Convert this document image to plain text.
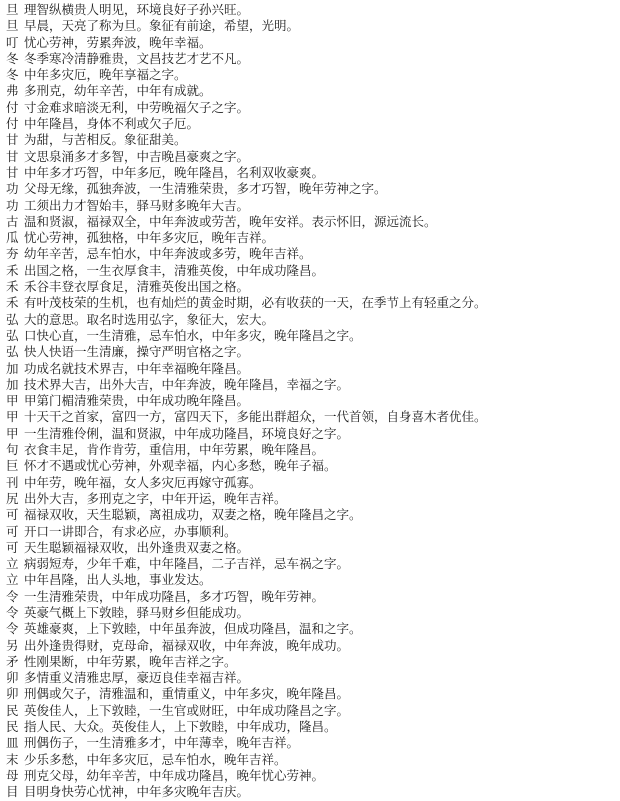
旦 理智纵横贵人明见，环境良好子孙兴旺。
旦 早晨，天亮了称为旦。象征有前途，希望，光明。
叮 忧心劳神，劳累奔波，晚年幸福。
冬 冬季寒冷清静雅贵，文昌技艺才艺不凡。
冬 中年多灾厄，晚年享福之字。
弗 多刑克，幼年辛苦，中年有成就。
付 寸金难求暗淡无利，中劳晚福欠子之字。
付 中年隆昌，身体不利或欠子厄。
甘 为甜，与苦相反。象征甜美。
甘 文思泉涌多才多智，中吉晚昌豪爽之字。
甘 中年多才巧智，中年多厄，晚年隆昌，名利双收豪爽。
功 父母无缘，孤独奔波，一生清雅荣贵，多才巧智，晚年劳神之字。
功 工须出力才智始丰，驿马财多晚年大吉。
古 温和贤淑，福禄双全，中年奔波或劳苦，晚年安祥。表示怀旧，源远流长。
瓜 忧心劳神，孤独格，中年多灾厄，晚年吉祥。
夯 幼年辛苦，忌车怕水，中年奔波或多劳，晚年吉祥。
禾 出国之格，一生衣厚食丰，清雅英俊，中年成功隆昌。
禾 禾谷丰登衣厚食足，清雅英俊出国之格。
禾 有叶茂枝荣的生机，也有灿烂的黄金时期，必有收获的一天，在季节上有轻重之分。
弘 大的意思。取名时选用弘字，象征大，宏大。
弘 口快心直，一生清雅，忌车怕水，中年多灾，晚年隆昌之字。
弘 快人快语一生清廉，操守严明官格之字。
加 功成名就技术界吉，中年幸福晚年隆昌。
加 技术界大吉，出外大吉，中年奔波，晚年隆昌，幸福之字。
甲 甲第门楣清雅荣贵，中年成功晚年隆昌。
甲 十天干之首家，富四一方，富四天下，多能出群超众，一代首领，自身喜木者优佳。
甲 一生清雅伶俐，温和贤淑，中年成功隆昌，环境良好之字。
句 衣食丰足，肯作肯劳，重信用，中年劳累，晚年隆昌。
巨 怀才不遇或忧心劳神，外观幸福，内心多愁，晚年子福。
刊 中年劳，晚年福，女人多灾厄再嫁守孤寡。
尻 出外大吉，多刑克之字，中年开运，晚年吉祥。
可 福禄双收，天生聪颖，离祖成功，双妻之格，晚年隆昌之字。
可 开口一讲即合，有求必应，办事顺利。
可 天生聪颖福禄双收，出外逢贵双妻之格。
立 病弱短寿，少年千难，中年隆昌，二子吉祥，忌车祸之字。
立 中年昌隆，出人头地，事业发达。
令 一生清雅荣贵，中年成功隆昌，多才巧智，晚年劳神。
令 英豪气概上下敦睦，驿马财乡但能成功。
令 英雄豪爽，上下敦睦，中年虽奔波，但成功隆昌，温和之字。
另 出外逢贵得财，克母命，福禄双收，中年奔波，晚年成功。
矛 性刚果断，中年劳累，晚年吉祥之字。
卯 多情重义清雅忠厚，豪迈良佳幸福吉祥。
卯 刑偶或欠子，清雅温和，重情重义，中年多灾，晚年隆昌。
民 英俊佳人，上下敦睦，一生官或财旺，中年成功隆昌之字。
民 指人民、大众。英俊佳人，上下敦睦，中年成功，隆昌。
皿 刑偶伤子，一生清雅多才，中年薄幸，晚年吉祥。
末 少乐多愁，中年多灾厄，忌车怕水，晚年吉祥。
母 刑克父母，幼年辛苦，中年成功隆昌，晚年忧心劳神。
目 目明身快劳心忧神，中年多灾晚年吉庆。
